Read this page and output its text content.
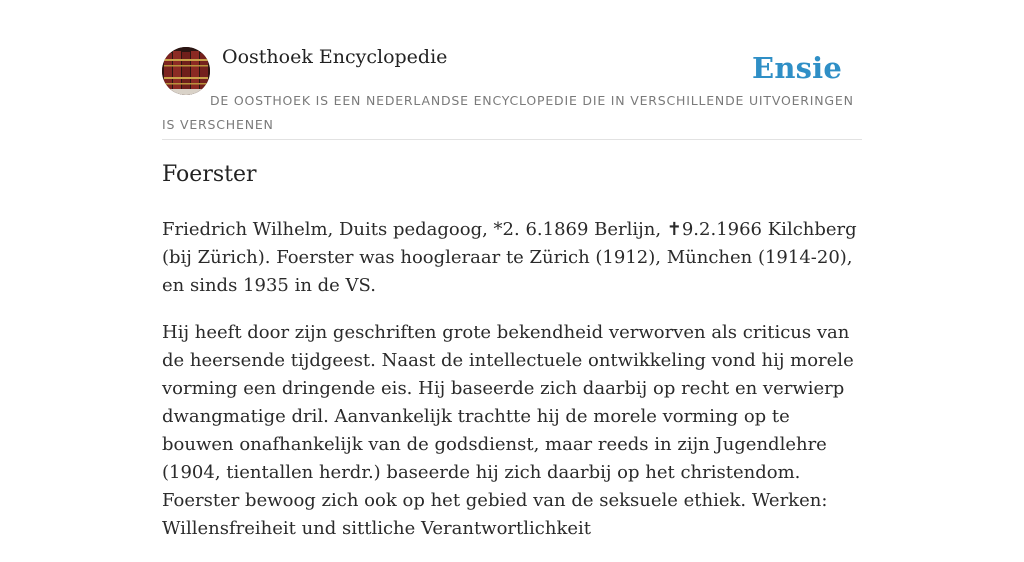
Oosthoek Encyclopedie	Ensie
DE OOSTHOEK IS EEN NEDERLANDSE ENCYCLOPEDIE DIE IN VERSCHILLENDE UITVOERINGEN IS VERSCHENEN
Foerster

Friedrich Wilhelm, Duits pedagoog, *2. 6.1869 Berlijn, ✝9.2.1966 Kilchberg (bij Zürich). Foerster was hoogleraar te Zürich (1912), München (1914-20), en sinds 1935 in de VS.

Hij heeft door zijn geschriften grote bekendheid verworven als criticus van de heersende tijdgeest. Naast de intellectuele ontwikkeling vond hij morele vorming een dringende eis. Hij baseerde zich daarbij op recht en verwierp dwangmatige dril. Aanvankelijk trachtte hij de morele vorming op te bouwen onafhankelijk van de godsdienst, maar reeds in zijn Jugendlehre (1904, tientallen herdr.) baseerde hij zich daarbij op het christendom. Foerster bewoog zich ook op het gebied van de seksuele ethiek. Werken: Willensfreiheit und sittliche Verantwortlichkeit
